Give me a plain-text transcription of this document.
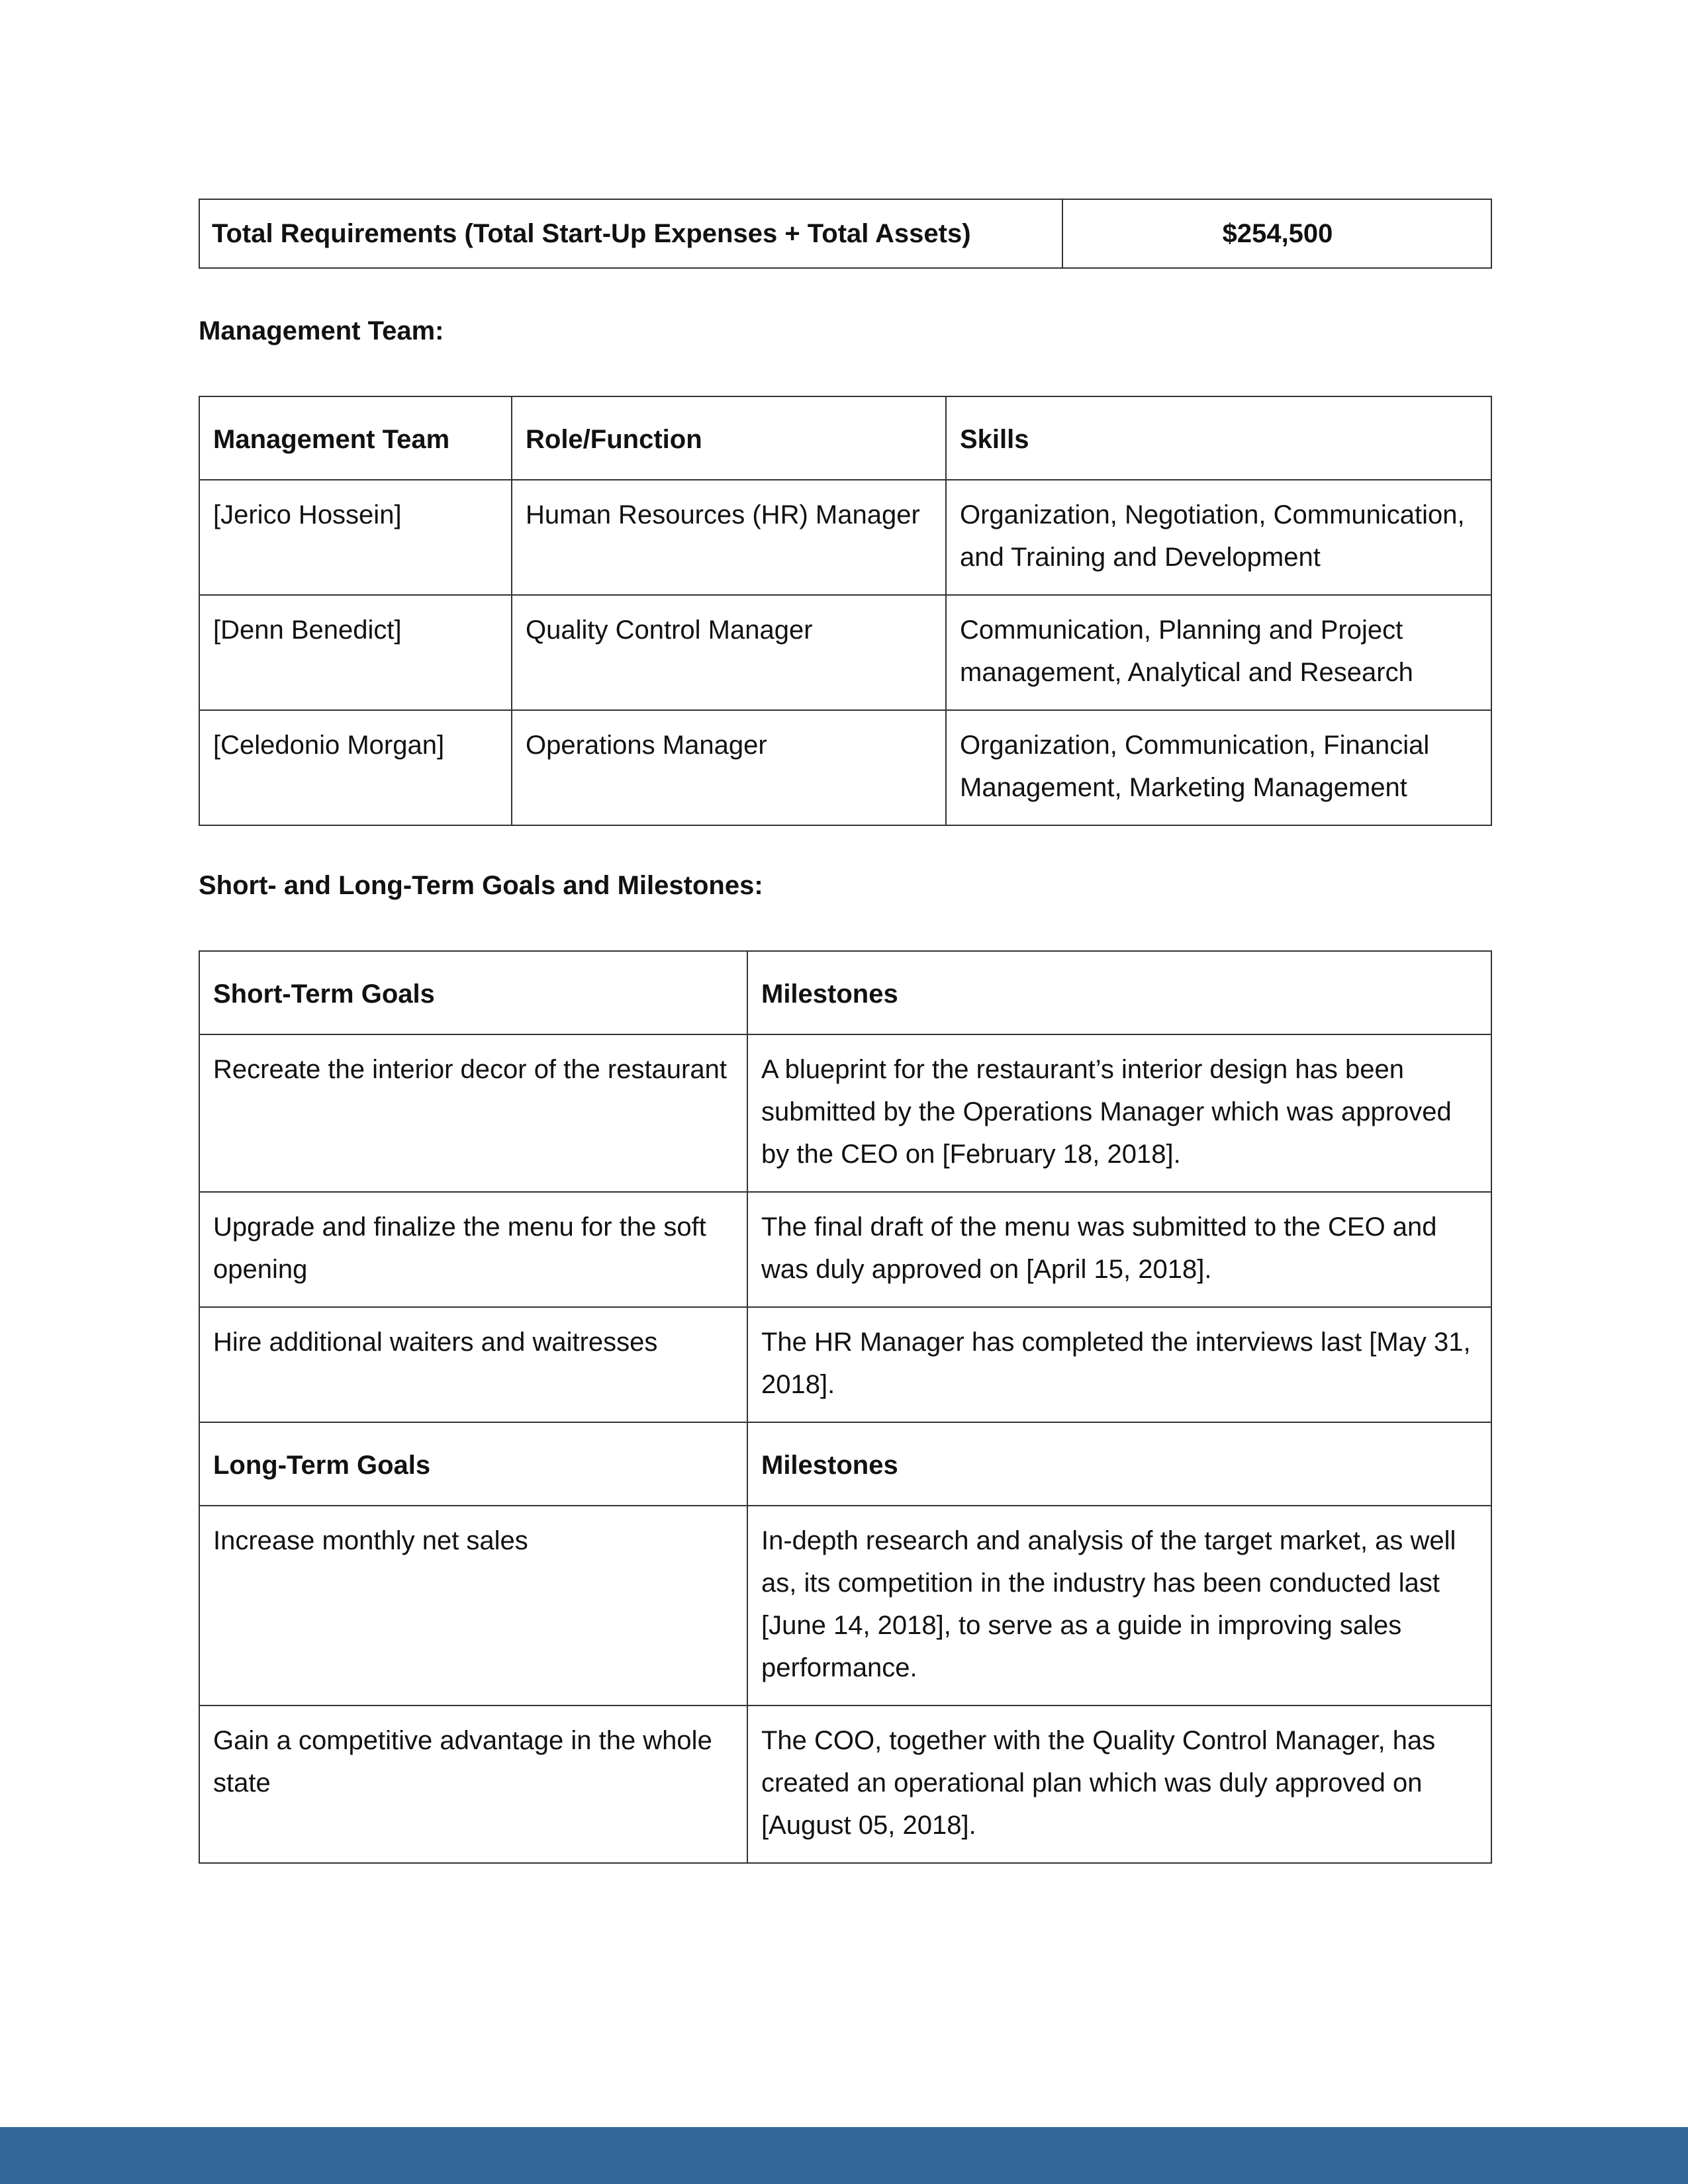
Total Requirements (Total Start-Up Expenses + Total Assets)	$254,500

Management Team:

Management Team	Role/Function	Skills
[Jerico Hossein]	Human Resources (HR) Manager	Organization, Negotiation, Communication, and Training and Development
[Denn Benedict]	Quality Control Manager	Communication, Planning and Project management, Analytical and Research
[Celedonio Morgan]	Operations Manager	Organization, Communication, Financial Management, Marketing Management

Short- and Long-Term Goals and Milestones:

Short-Term Goals	Milestones
Recreate the interior decor of the restaurant	A blueprint for the restaurant’s interior design has been submitted by the Operations Manager which was approved by the CEO on [February 18, 2018].
Upgrade and finalize the menu for the soft opening	The final draft of the menu was submitted to the CEO and was duly approved on [April 15, 2018].
Hire additional waiters and waitresses	The HR Manager has completed the interviews last [May 31, 2018].
Long-Term Goals	Milestones
Increase monthly net sales	In-depth research and analysis of the target market, as well as, its competition in the industry has been conducted last [June 14, 2018], to serve as a guide in improving sales performance.
Gain a competitive advantage in the whole state	The COO, together with the Quality Control Manager, has created an operational plan which was duly approved on [August 05, 2018].
